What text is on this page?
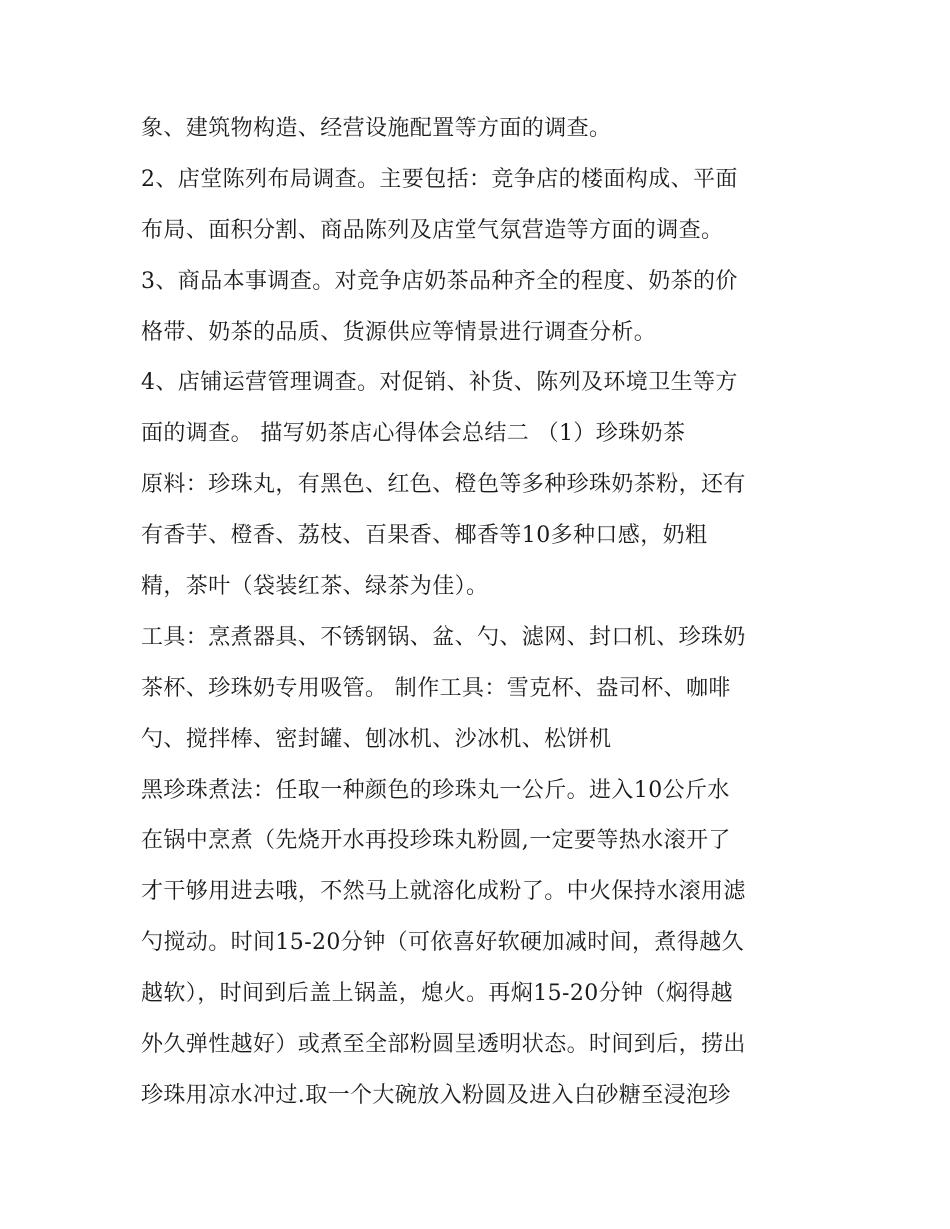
象、建筑物构造、经营设施配置等方面的调查。
2、店堂陈列布局调查。主要包括：竞争店的楼面构成、平面
布局、面积分割、商品陈列及店堂气氛营造等方面的调查。
3、商品本事调查。对竞争店奶茶品种齐全的程度、奶茶的价
格带、奶茶的品质、货源供应等情景进行调查分析。
4、店铺运营管理调查。对促销、补货、陈列及环境卫生等方
面的调查。 描写奶茶店心得体会总结二 （1）珍珠奶茶
原料：珍珠丸，有黑色、红色、橙色等多种珍珠奶茶粉，还有
有香芋、橙香、荔枝、百果香、椰香等10多种口感，奶粗
精，茶叶（袋装红茶、绿茶为佳）。
工具：烹煮器具、不锈钢锅、盆、勺、滤网、封口机、珍珠奶
茶杯、珍珠奶专用吸管。 制作工具：雪克杯、盎司杯、咖啡
勺、搅拌棒、密封罐、刨冰机、沙冰机、松饼机
黑珍珠煮法：任取一种颜色的珍珠丸一公斤。进入10公斤水
在锅中烹煮（先烧开水再投珍珠丸粉圆,一定要等热水滚开了
才干够用进去哦，不然马上就溶化成粉了。中火保持水滚用滤
勺搅动。时间15-20分钟（可依喜好软硬加减时间，煮得越久
越软），时间到后盖上锅盖，熄火。再焖15-20分钟（焖得越
外久弹性越好）或煮至全部粉圆呈透明状态。时间到后，捞出
珍珠用凉水冲过.取一个大碗放入粉圆及进入白砂糖至浸泡珍
